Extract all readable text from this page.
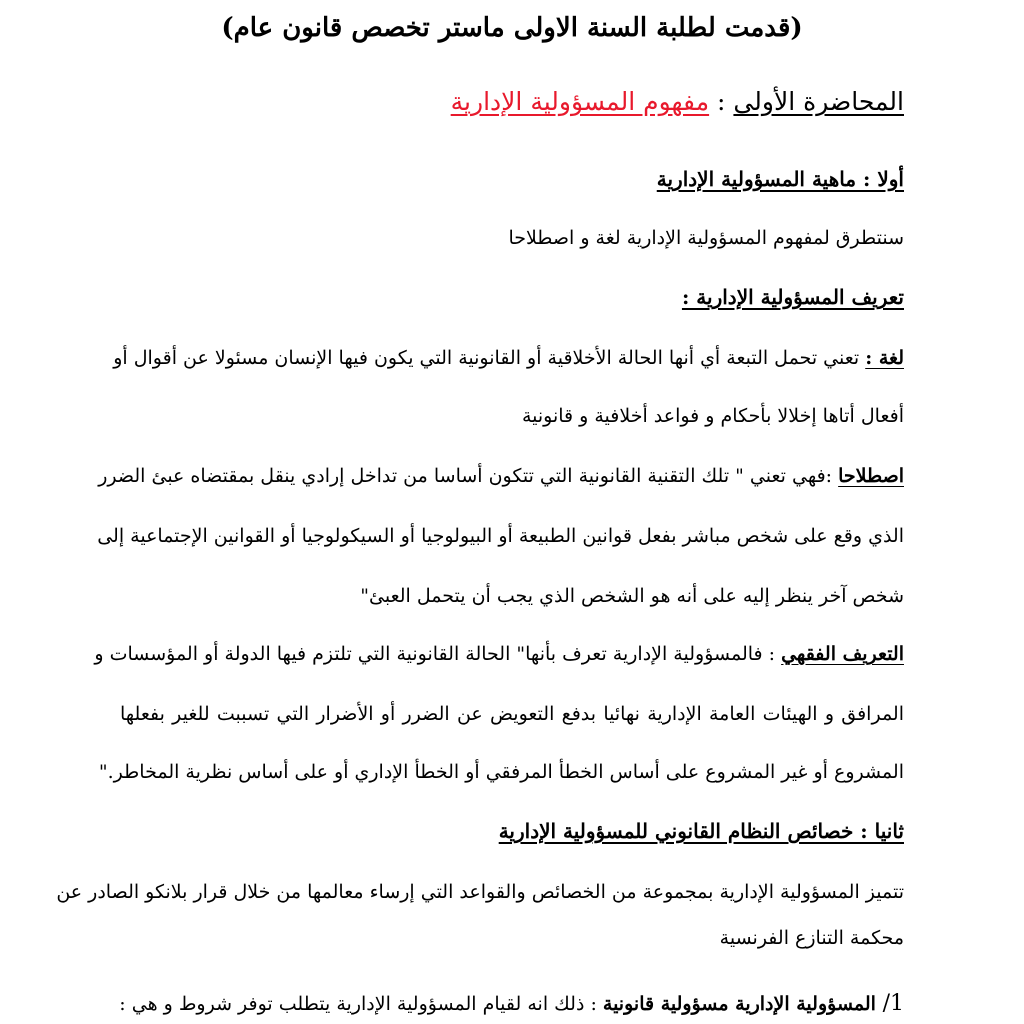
(قدمت لطلبة السنة الاولى ماستر تخصص قانون عام)
المحاضرة الأولى : مفهوم المسؤولية الإدارية
أولا : ماهية المسؤولية الإدارية
سنتطرق لمفهوم المسؤولية الإدارية لغة و اصطلاحا
تعريف المسؤولية الإدارية :
لغة : تعني تحمل التبعة أي أنها الحالة الأخلاقية أو القانونية التي يكون فيها الإنسان مسئولا عن أقوال أو
أفعال أتاها إخلالا بأحكام و فواعد أخلافية و قانونية
اصطلاحا :فهي تعني " تلك التقنية القانونية التي تتكون أساسا من تداخل إرادي ينقل بمقتضاه عبئ الضرر
الذي وقع على شخص مباشر بفعل قوانين الطبيعة أو البيولوجيا أو السيكولوجيا أو القوانين الإجتماعية إلى
شخص آخر ينظر إليه على أنه هو الشخص الذي يجب أن يتحمل العبئ"
التعريف الفقهي : فالمسؤولية الإدارية تعرف بأنها" الحالة القانونية التي تلتزم فيها الدولة أو المؤسسات و
المرافق و الهيئات العامة الإدارية نهائيا بدفع التعويض عن الضرر أو الأضرار التي تسببت للغير بفعلها
المشروع أو غير المشروع على أساس الخطأ المرفقي أو الخطأ الإداري أو على أساس نظرية المخاطر."
ثانيا : خصائص النظام القانوني للمسؤولية الإدارية
تتميز المسؤولية الإدارية بمجموعة من الخصائص والقواعد التي إرساء معالمها من خلال قرار بلانكو الصادر عن
محكمة التنازع الفرنسية
1/ المسؤولية الإدارية مسؤولية قانونية : ذلك انه لقيام المسؤولية الإدارية يتطلب توفر شروط و هي :
